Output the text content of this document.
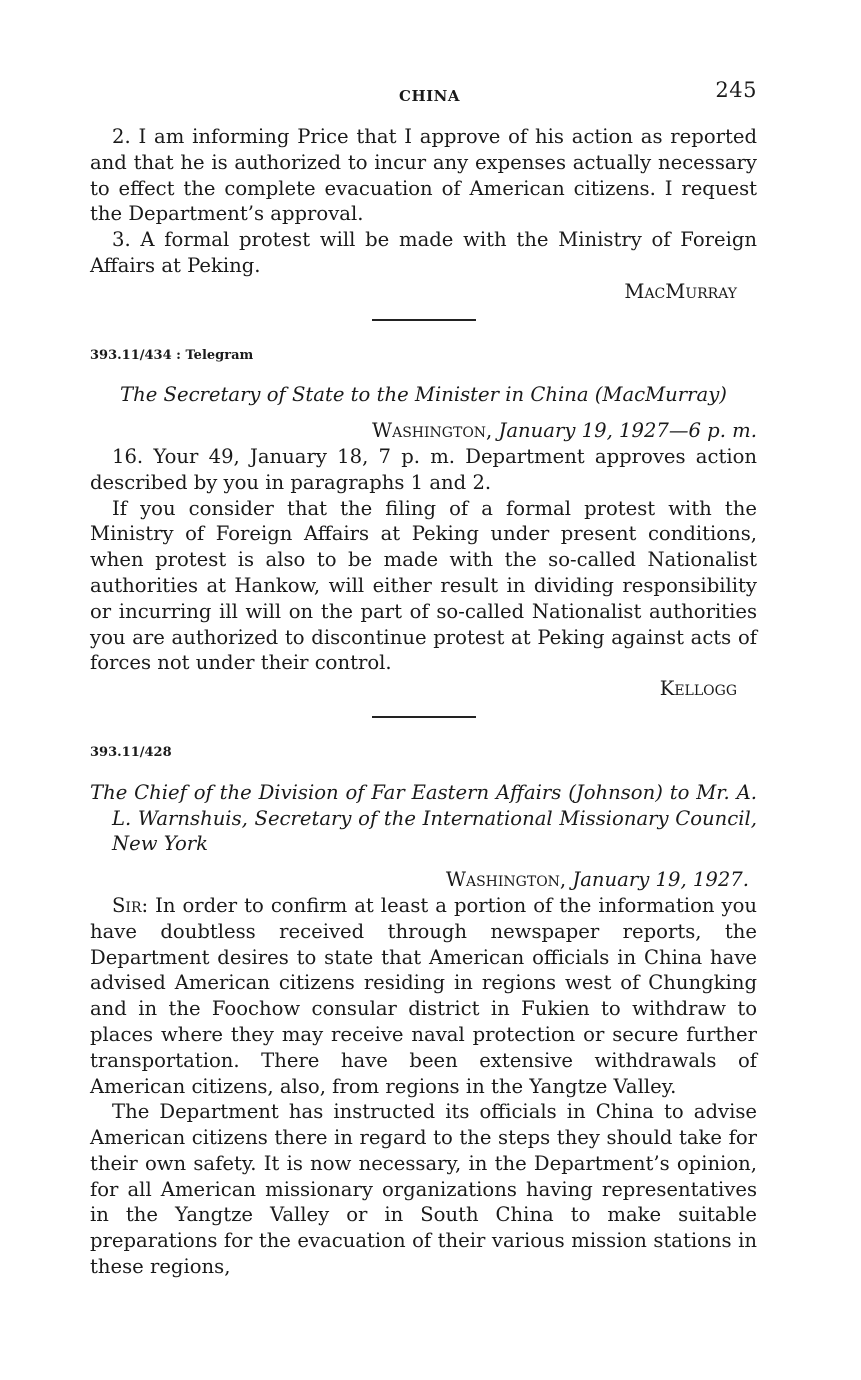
CHINA	245

2. I am informing Price that I approve of his action as reported and that he is authorized to incur any expenses actually necessary to effect the complete evacuation of American citizens. I request the Department’s approval.

3. A formal protest will be made with the Ministry of Foreign Affairs at Peking.

MacMurray

393.11/434 : Telegram

The Secretary of State to the Minister in China (MacMurray)

Washington, January 19, 1927—6 p. m.

16. Your 49, January 18, 7 p. m. Department approves action described by you in paragraphs 1 and 2.

If you consider that the filing of a formal protest with the Ministry of Foreign Affairs at Peking under present conditions, when protest is also to be made with the so-called Nationalist authorities at Hankow, will either result in dividing responsibility or incurring ill will on the part of so-called Nationalist authorities you are authorized to discontinue protest at Peking against acts of forces not under their control.

Kellogg

393.11/428

The Chief of the Division of Far Eastern Affairs (Johnson) to Mr. A. L. Warnshuis, Secretary of the International Missionary Council, New York

Washington, January 19, 1927.

Sir: In order to confirm at least a portion of the information you have doubtless received through newspaper reports, the Department desires to state that American officials in China have advised American citizens residing in regions west of Chungking and in the Foochow consular district in Fukien to withdraw to places where they may receive naval protection or secure further transportation. There have been extensive withdrawals of American citizens, also, from regions in the Yangtze Valley.

The Department has instructed its officials in China to advise American citizens there in regard to the steps they should take for their own safety. It is now necessary, in the Department’s opinion, for all American missionary organizations having representatives in the Yangtze Valley or in South China to make suitable preparations for the evacuation of their various mission stations in these regions,
